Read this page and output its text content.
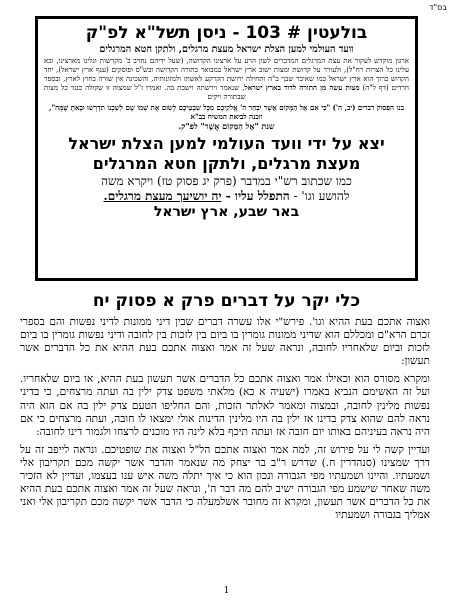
בס"ד
בולעטין # 103 - ניסן תשל"א לפ"ק
וועד העולמי למען הצלת ישראל מעצת מרגלים, ולתקן חטא המרגלים
ארגון מוקדש לעקור את עצת המרגלים המדברים לשון הרע על ארצינו הקדושה, (שעל ידיהם נחרב ב' מקדשות וגלינו מארצינו, ובא עלינו כל הצרות רח"ל), ולעורר על קדושת ומצות ישוב ארץ ישראל כמבואר בתורה הקדושה ובש"ס ופוסקים (ענף ארץ ישראל), יחד הקדוש ברוך הוא ארץ ישראל כמו שאיבר שבך ב"ה ותחילה ירושת הקרקע לאשתו ולמזונותיה, והשכינה אין שורה בחוץ לארץ, ובספר חרדים (דף ל"ה) מצות עשה מן התורה לדור בארץ ישראל, שנאמר וירשתה וישבת בה. ואמרו ז"ל שמצוה זו שקולה כנגד כל מצות שבתורה ויקים
בנו הפסוק דברים (יב, ה') "כִּי אִם אֶל הַמָּקוֹם אֲשֶׁר יִבְחַר ה' אֱלֹקֵיכֶם מִכָּל שִׁבְטֵיכֶם לָשׂוּם אֶת שְׁמוֹ שָׁם לְשִׁכְנוֹ תִדְרְשׁוּ וּבָאתָ שָּׁמָּה", וזכנה לביאת המשיח בב"א
שנת "אֶל הַמָּקוֹם אֲשֶׁר" לפ"ק.
יצא על ידי וועד העולמי למען הצלת ישראל
מעצת מרגלים, ולתקן חטא המרגלים
כמו שכתוב רש"י במדבר (פרק יג פסוק טז) ויקרא משה
להושע וגו' - התפלל עליו - יה יושיעך מעצת מרגלים.
באר שבע, ארץ ישראל
כלי יקר על דברים פרק א פסוק יח

ואצוה אתכם בעת ההיא וגו'. פירש"י אלו עשרה דברים שבין דיני ממונות לדיני נפשות והם בספרי זכרם הרא"ם ומכללם הוא שדיני ממונות גומרין בו ביום בין לזכות בין לחובה ודיני נפשות גומרין בו ביום לזכות וביום שלאחריו לחובה, ונראה שעל זה אמר ואצוה אתכם בעת ההיא את כל הדברים אשר תעשון:

ומקרא מסורס הוא וכאילו אמר ואצוה אתכם כל הדברים אשר תעשון בעת ההיא, או ביום שלאחריו. ועל זה האשימם הנביא באמרו (ישעיה א כא) מלאתי משפט צדק ילין בה ועתה מרצחים, כי בדיני נפשות מלינין לחובה, ובמצוה ומאמר לאלתר הזכות, והם החליפו הטעם צדק ילין בה אם הוא היה נראה להם שהוא צדק בדינו אז ילין בה היו מלינין הדינות אולי ימצאו לו חובה, ועתה מרצחים כי אם היה נראה בעיניהם באותו יום חובה אז ועתה תיכף בלא לינה היו מוכנים לרצחו ולגמור דינו לחובה:

ועדיין קשה לי על פירוש זה, למה אמר ואצוה אתכם הל"ל ואצוה את שופטיכם. ונראה לייפב זה על דרך שמצינו (סנהדרין ח.) שדרש ר"ב בר יצחק מה שנאמר והדבר אשר יקשה מכם תקריבון אלי ושמעתיו. והיינו ושמעתיו מפי הגבורה ונכון הוא כי איך יתלה משה איש ענו בעצמו, ועדיין לא הזכיר משה שאחר שישמע מפי הגבורה ישיב להם מה דבר ה', ונראה שעל זה אמר ואצוה אתכם בעת ההיא את כל הדברים אשר תעשון, ומקרא זה מחובר אשלמעלה כי הדבר אשר יקשה מכם תקריבון אלי ואני אמליך בגבורה ושמעתיו

1
